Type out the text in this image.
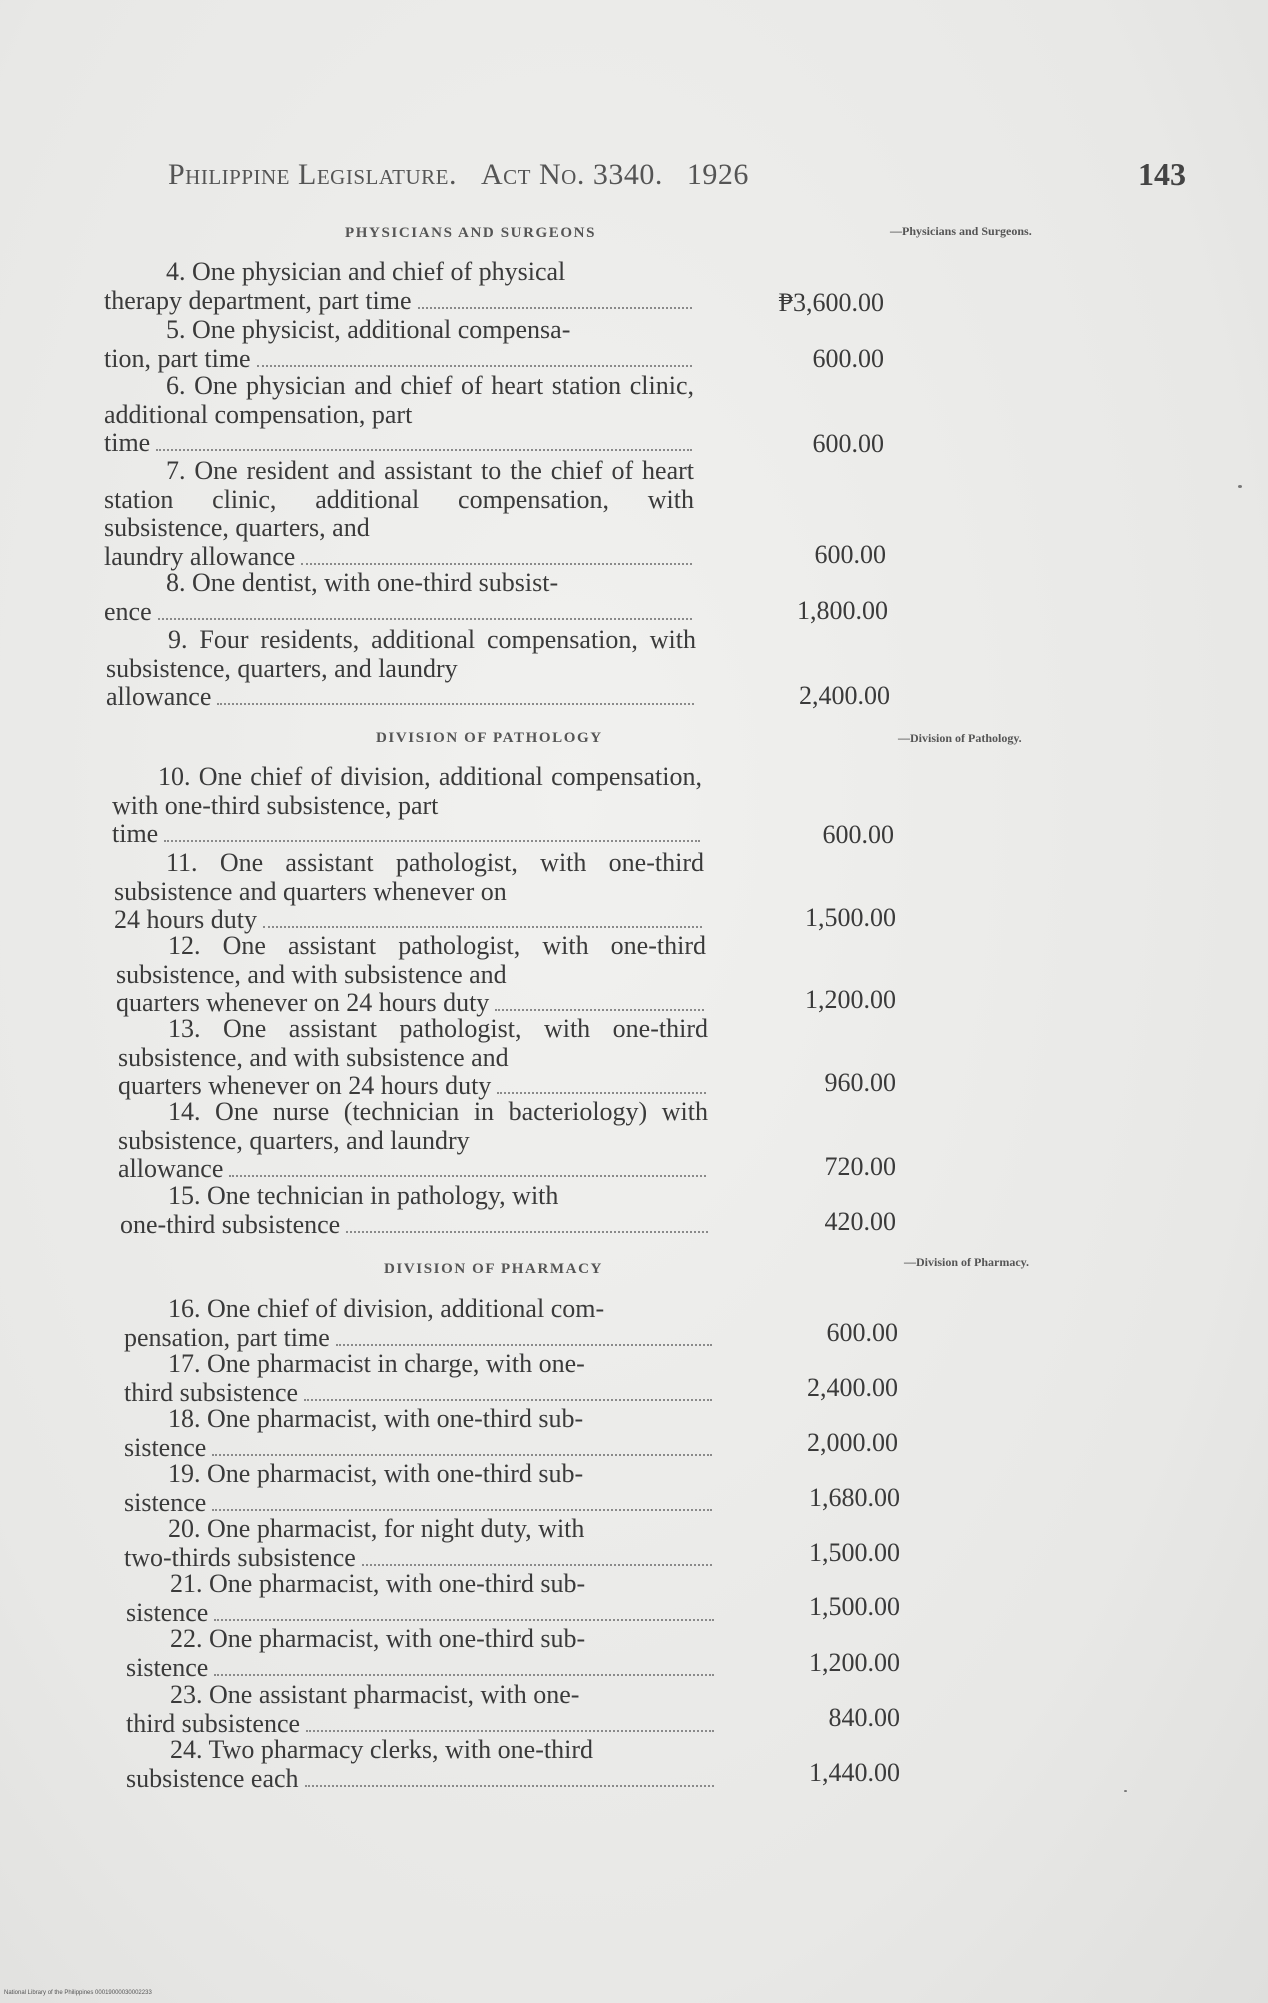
Philippine Legislature. Act No. 3340. 1926	143
PHYSICIANS AND SURGEONS	—Physicians and Surgeons.

4. One physician and chief of physical

therapy department, part time	₱3,600.00

5. One physicist, additional compensa-

tion, part time	600.00

6. One physician and chief of heart station clinic, additional compensation, part

time	600.00

7. One resident and assistant to the chief of heart station clinic, additional compensation, with subsistence, quarters, and

laundry allowance	600.00

8. One dentist, with one-third subsist-

ence	1,800.00

9. Four residents, additional compensation, with subsistence, quarters, and laundry

allowance	2,400.00
DIVISION OF PATHOLOGY	—Division of Pathology.

10. One chief of division, additional compensation, with one-third subsistence, part

time	600.00

11. One assistant pathologist, with one-third subsistence and quarters whenever on

24 hours duty	1,500.00

12. One assistant pathologist, with one-third subsistence, and with subsistence and

quarters whenever on 24 hours duty	1,200.00

13. One assistant pathologist, with one-third subsistence, and with subsistence and

quarters whenever on 24 hours duty	960.00

14. One nurse (technician in bacteriology) with subsistence, quarters, and laundry

allowance	720.00

15. One technician in pathology, with

one-third subsistence	420.00
DIVISION OF PHARMACY	—Division of Pharmacy.

16. One chief of division, additional com-

pensation, part time	600.00

17. One pharmacist in charge, with one-

third subsistence	2,400.00

18. One pharmacist, with one-third sub-

sistence	2,000.00

19. One pharmacist, with one-third sub-

sistence	1,680.00

20. One pharmacist, for night duty, with

two-thirds subsistence	1,500.00

21. One pharmacist, with one-third sub-

sistence	1,500.00

22. One pharmacist, with one-third sub-

sistence	1,200.00

23. One assistant pharmacist, with one-

third subsistence	840.00

24. Two pharmacy clerks, with one-third

subsistence each	1,440.00
National Library of the Philippines 00019000030002233
